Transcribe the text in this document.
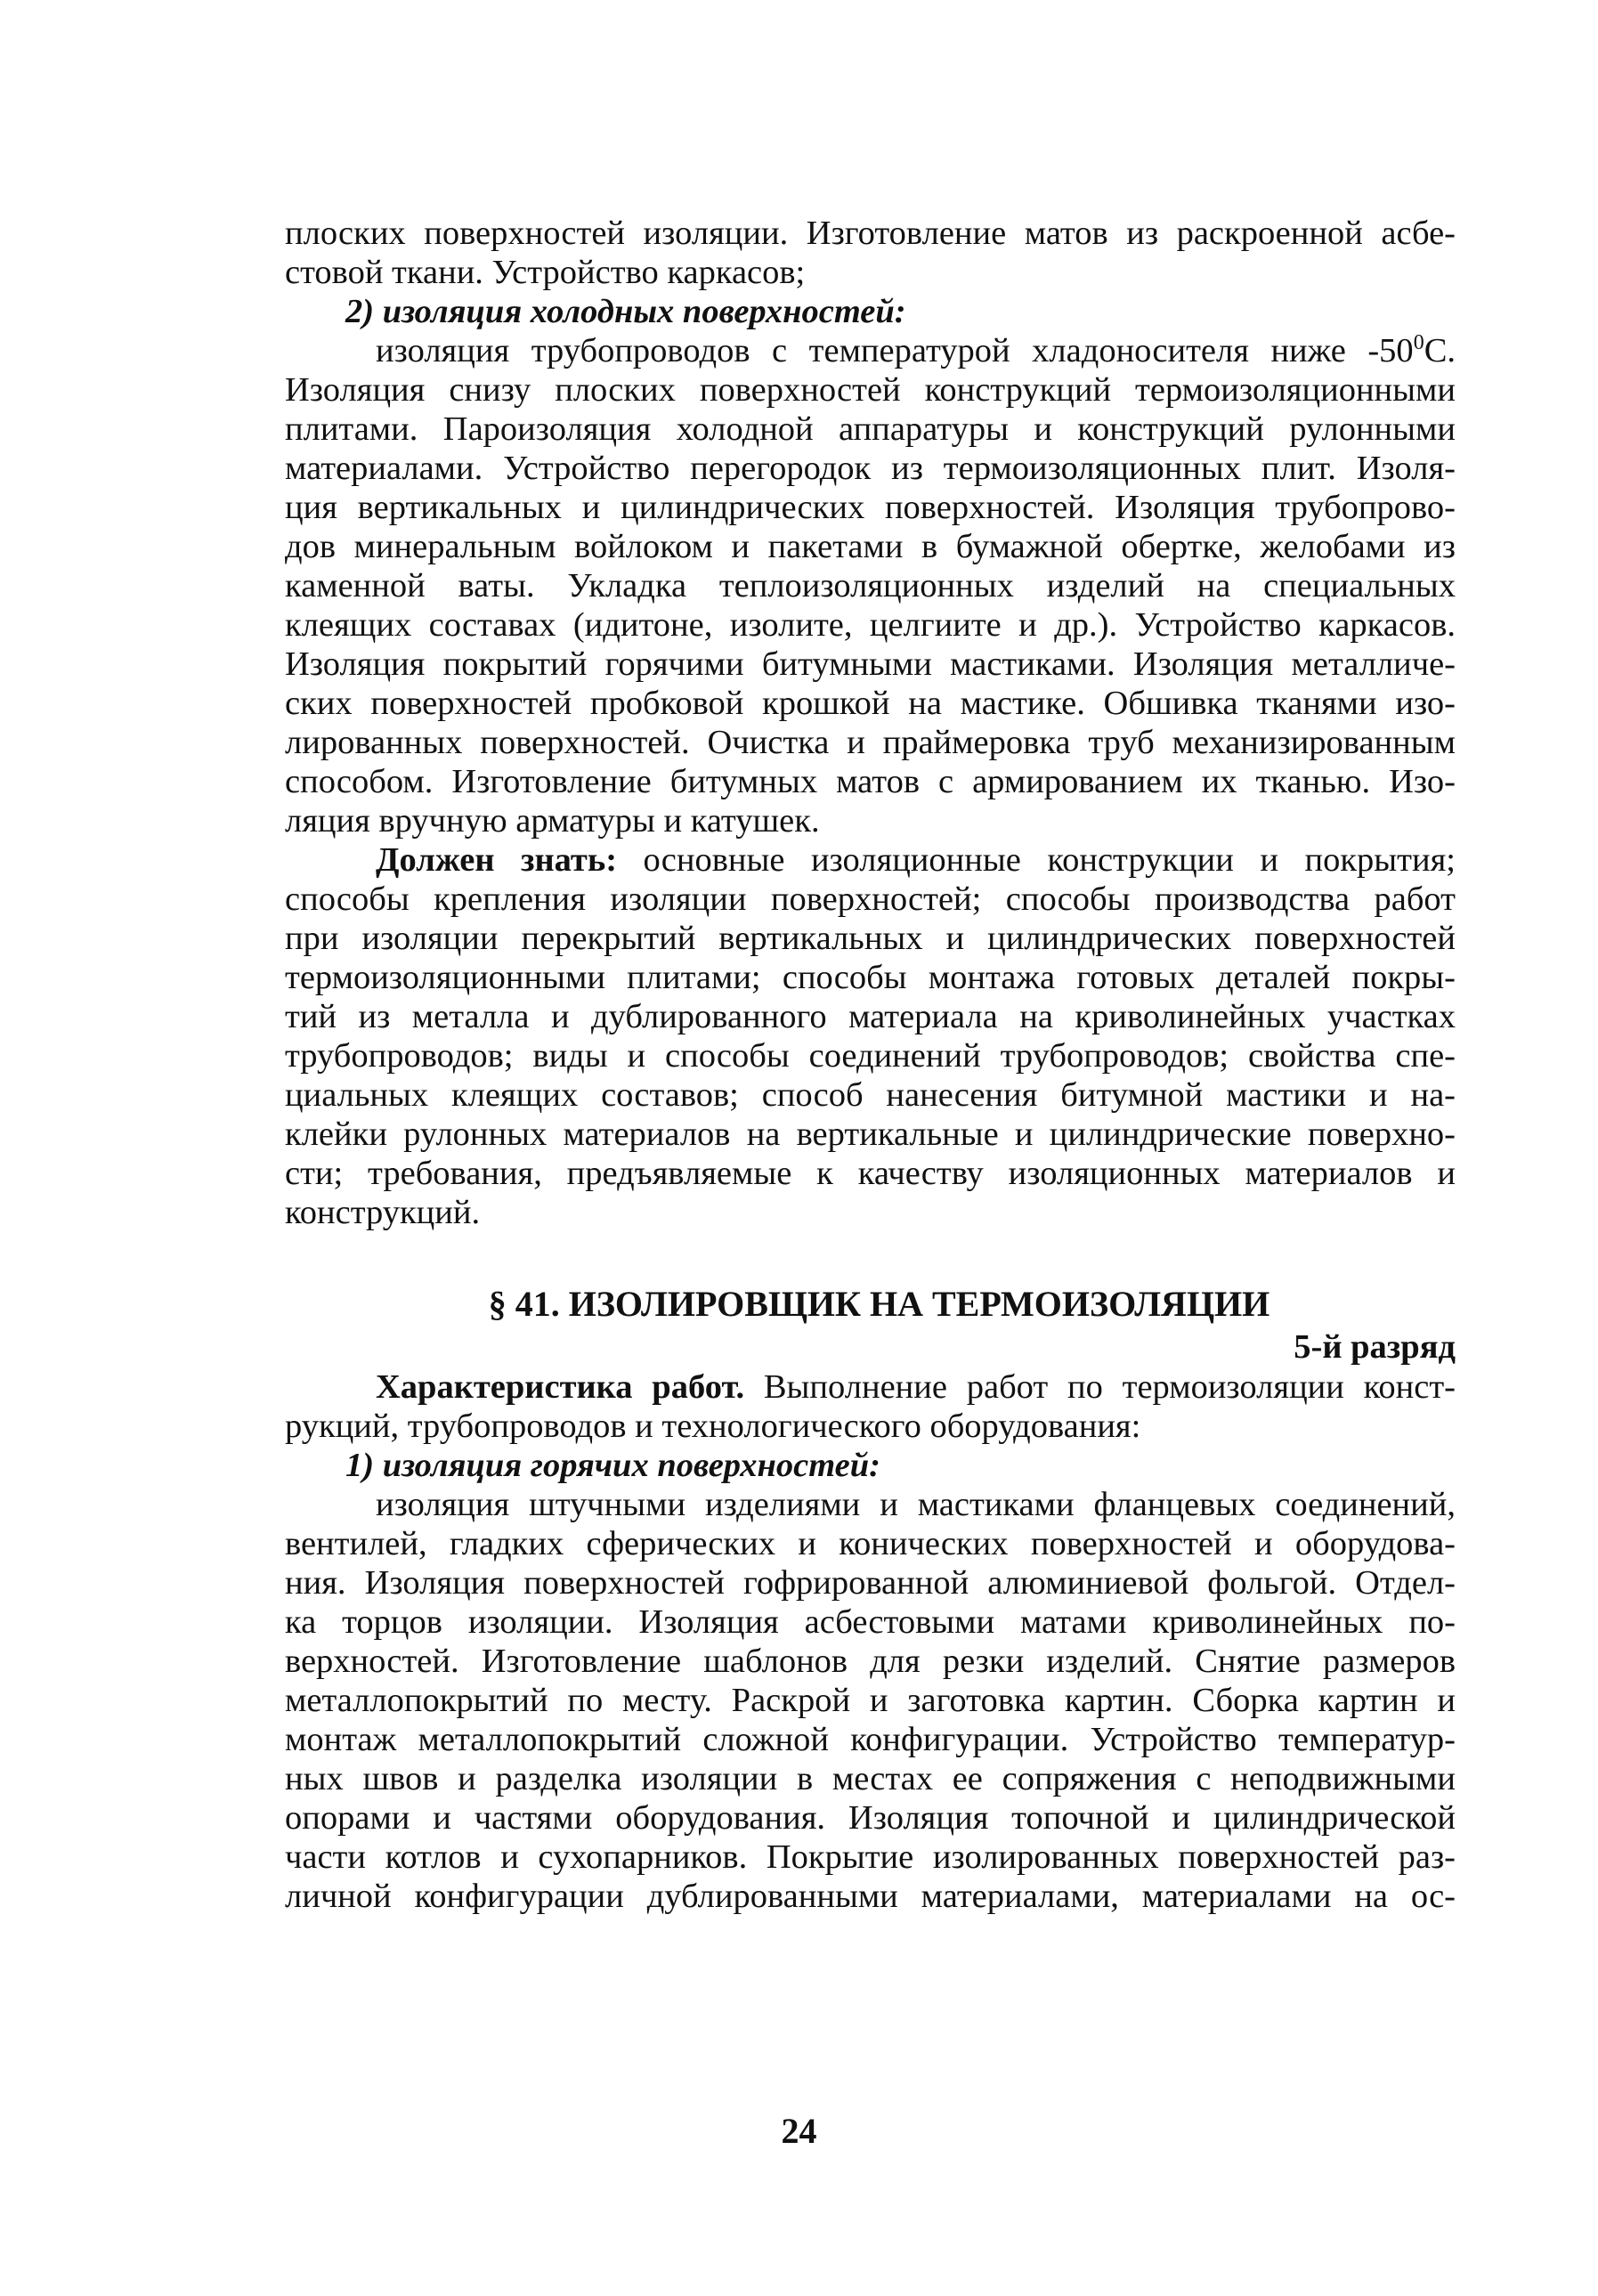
плоских поверхностей изоляции. Изготовление матов из раскроенной асбе-
стовой ткани. Устройство каркасов;
2) изоляция холодных поверхностей:
изоляция трубопроводов с температурой хладоносителя ниже $-50^0С$.
Изоляция снизу плоских поверхностей конструкций термоизоляционными
плитами. Пароизоляция холодной аппаратуры и конструкций рулонными
материалами. Устройство перегородок из термоизоляционных плит. Изоля-
ция вертикальных и цилиндрических поверхностей. Изоляция трубопрово-
дов минеральным войлоком и пакетами в бумажной обертке, желобами из
каменной ваты. Укладка теплоизоляционных изделий на специальных
клеящих составах (идитоне, изолите, целгиите и др.). Устройство каркасов.
Изоляция покрытий горячими битумными мастиками. Изоляция металличе-
ских поверхностей пробковой крошкой на мастике. Обшивка тканями изо-
лированных поверхностей. Очистка и праймеровка труб механизированным
способом. Изготовление битумных матов с армированием их тканью. Изо-
ляция вручную арматуры и катушек.
Должен знать: основные изоляционные конструкции и покрытия;
способы крепления изоляции поверхностей; способы производства работ
при изоляции перекрытий вертикальных и цилиндрических поверхностей
термоизоляционными плитами; способы монтажа готовых деталей покры-
тий из металла и дублированного материала на криволинейных участках
трубопроводов; виды и способы соединений трубопроводов; свойства спе-
циальных клеящих составов; способ нанесения битумной мастики и на-
клейки рулонных материалов на вертикальные и цилиндрические поверхно-
сти; требования, предъявляемые к качеству изоляционных материалов и
конструкций.
§ 41. ИЗОЛИРОВЩИК НА ТЕРМОИЗОЛЯЦИИ
5-й разряд
Характеристика работ. Выполнение работ по термоизоляции конст-
рукций, трубопроводов и технологического оборудования:
1) изоляция горячих поверхностей:
изоляция штучными изделиями и мастиками фланцевых соединений,
вентилей, гладких сферических и конических поверхностей и оборудова-
ния. Изоляция поверхностей гофрированной алюминиевой фольгой. Отдел-
ка торцов изоляции. Изоляция асбестовыми матами криволинейных по-
верхностей. Изготовление шаблонов для резки изделий. Снятие размеров
металлопокрытий по месту. Раскрой и заготовка картин. Сборка картин и
монтаж металлопокрытий сложной конфигурации. Устройство температур-
ных швов и разделка изоляции в местах ее сопряжения с неподвижными
опорами и частями оборудования. Изоляция топочной и цилиндрической
части котлов и сухопарников. Покрытие изолированных поверхностей раз-
личной конфигурации дублированными материалами, материалами на ос-
24
